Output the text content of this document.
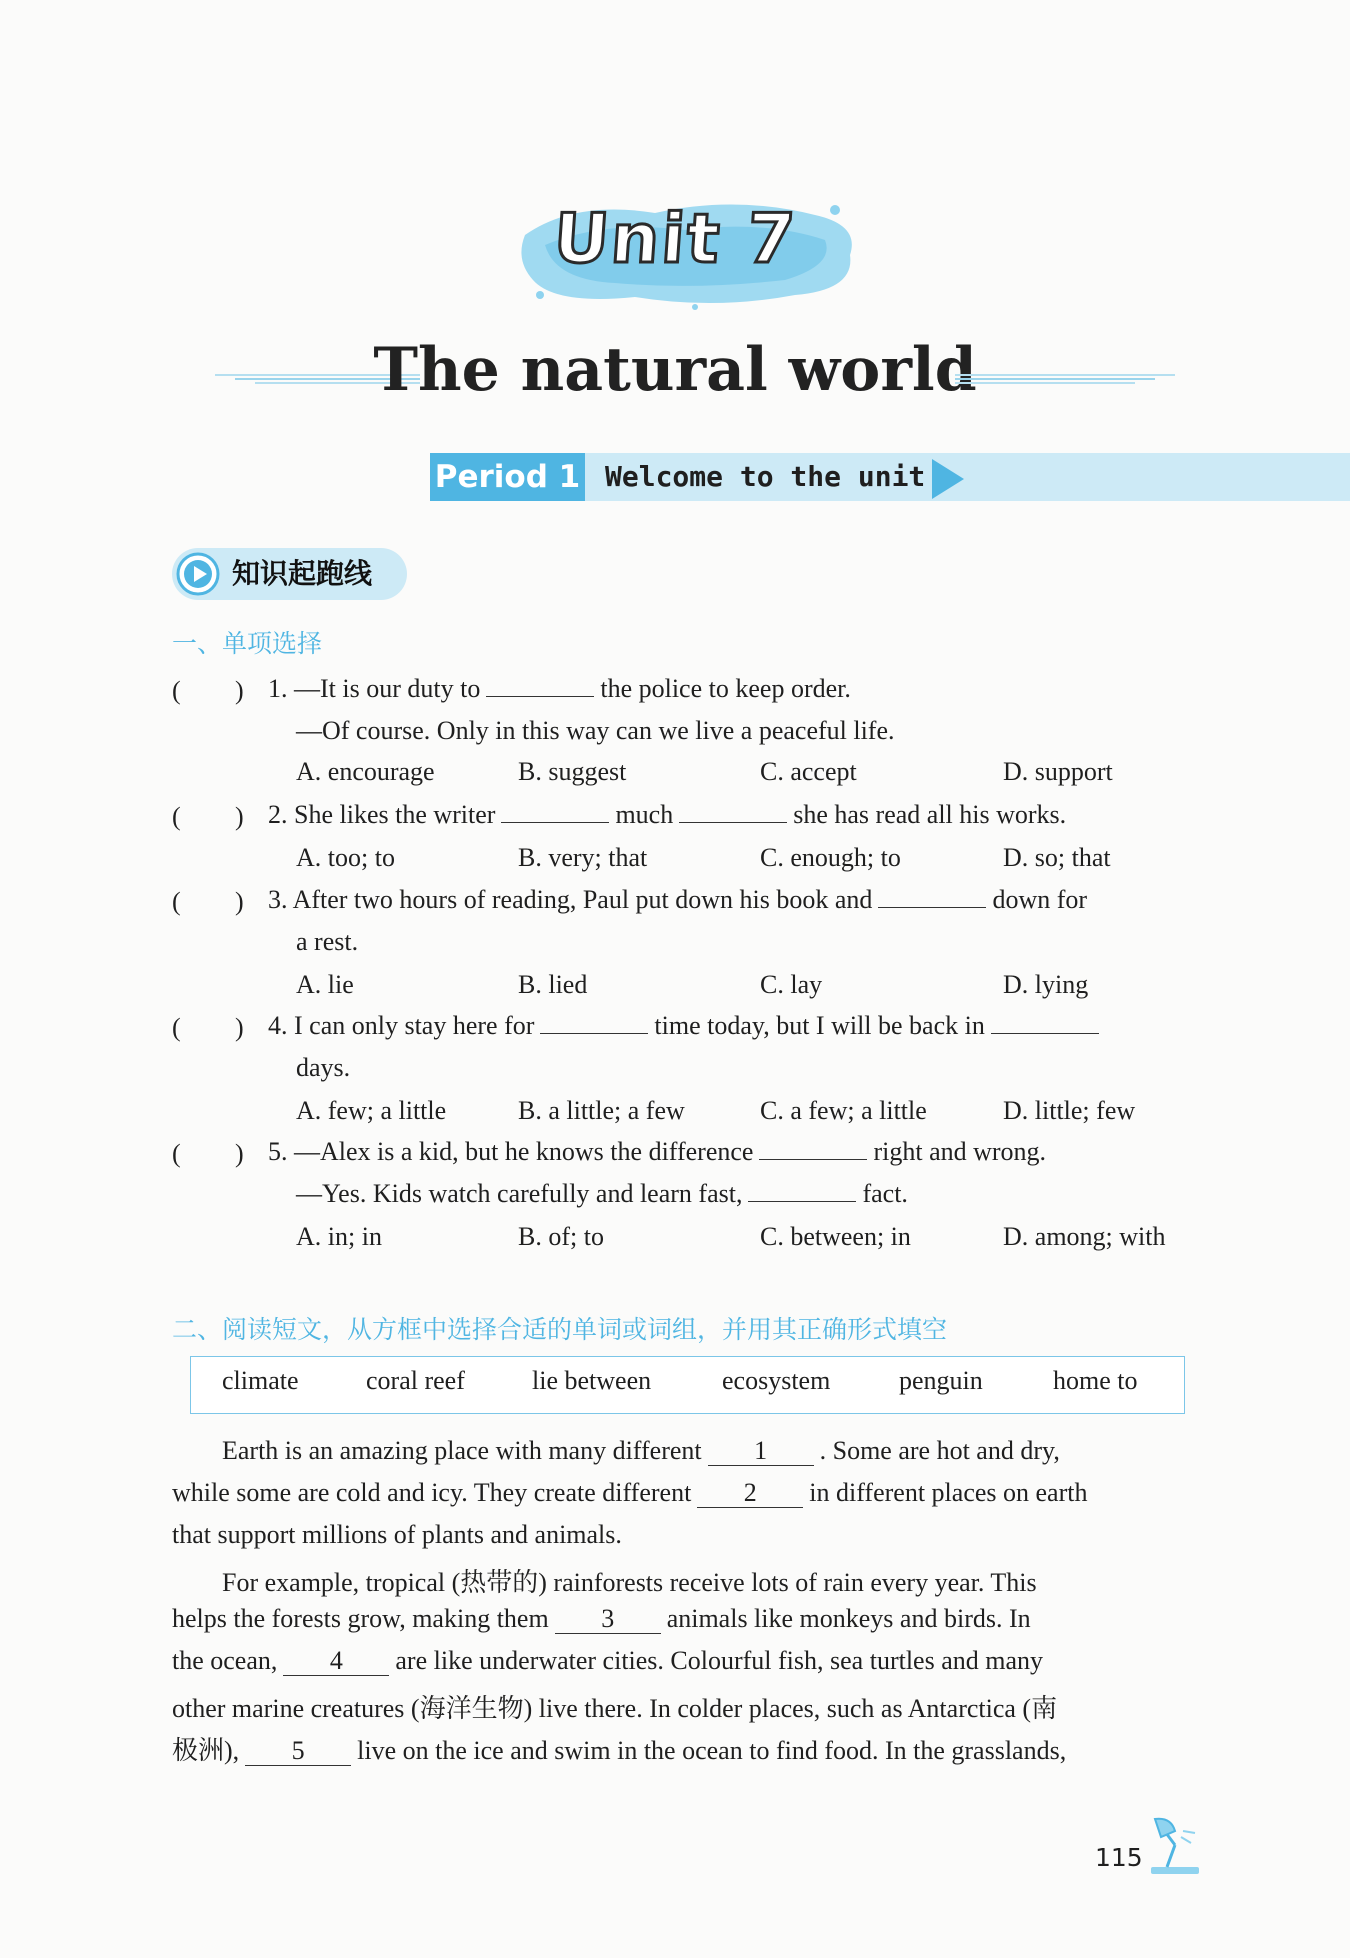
Unit 7
The natural world
Period 1 Welcome to the unit
知识起跑线
一、单项选择
( ) 1. —It is our duty to	the police to keep order.
—Of course. Only in this way can we live a peaceful life.
A. encourage	B. suggest	C. accept	D. support
( ) 2. She likes the writer	much	she has read all his works.
A. too; to	B. very; that	C. enough; to	D. so; that
( ) 3. After two hours of reading, Paul put down his book and	down for
a rest.
A. lie	B. lied	C. lay	D. lying
( ) 4. I can only stay here for	time today, but I will be back in
days.
A. few; a little	B. a little; a few	C. a few; a little	D. little; few
( ) 5. —Alex is a kid, but he knows the difference	right and wrong.
—Yes. Kids watch carefully and learn fast,	fact.
A. in; in	B. of; to	C. between; in	D. among; with
二、阅读短文，从方框中选择合适的单词或词组，并用其正确形式填空
climate	coral reef	lie between	ecosystem	penguin	home to
Earth is an amazing place with many different 1 . Some are hot and dry,
while some are cold and icy. They create different 2 in different places on earth
that support millions of plants and animals.
For example, tropical (热带的) rainforests receive lots of rain every year. This
helps the forests grow, making them 3 animals like monkeys and birds. In
the ocean, 4 are like underwater cities. Colourful fish, sea turtles and many
other marine creatures (海洋生物) live there. In colder places, such as Antarctica (南
极洲), 5 live on the ice and swim in the ocean to find food. In the grasslands,
115
